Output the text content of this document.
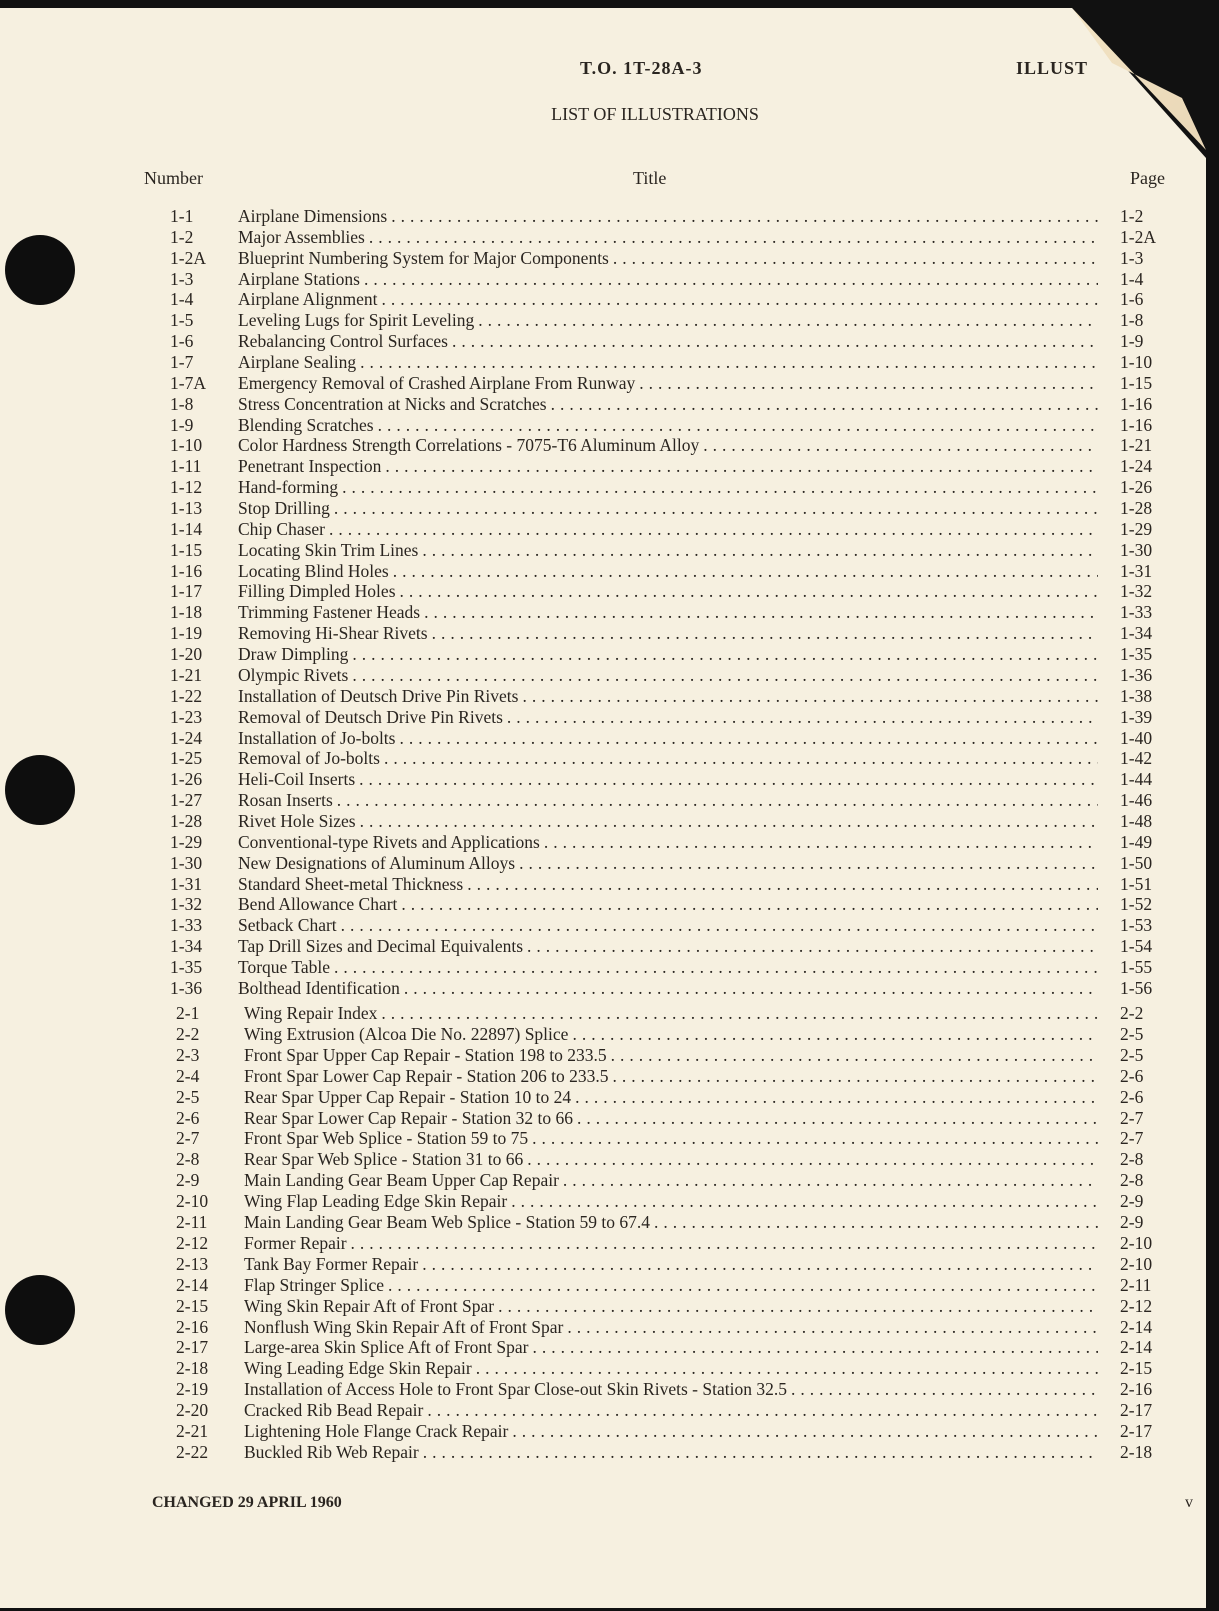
T.O. 1T-28A-3	ILLUST
LIST OF ILLUSTRATIONS
Number	Title	Page
1-1	Airplane Dimensions .....	1-2
1-2	Major Assemblies .....	1-2A
1-2A	Blueprint Numbering System for Major Components .....	1-3
1-3	Airplane Stations .....	1-4
1-4	Airplane Alignment .....	1-6
1-5	Leveling Lugs for Spirit Leveling .....	1-8
1-6	Rebalancing Control Surfaces .....	1-9
1-7	Airplane Sealing .....	1-10
1-7A	Emergency Removal of Crashed Airplane From Runway .....	1-15
1-8	Stress Concentration at Nicks and Scratches .....	1-16
1-9	Blending Scratches .....	1-16
1-10	Color Hardness Strength Correlations - 7075-T6 Aluminum Alloy .....	1-21
1-11	Penetrant Inspection .....	1-24
1-12	Hand-forming .....	1-26
1-13	Stop Drilling .....	1-28
1-14	Chip Chaser .....	1-29
1-15	Locating Skin Trim Lines .....	1-30
1-16	Locating Blind Holes .....	1-31
1-17	Filling Dimpled Holes .....	1-32
1-18	Trimming Fastener Heads .....	1-33
1-19	Removing Hi-Shear Rivets .....	1-34
1-20	Draw Dimpling .....	1-35
1-21	Olympic Rivets .....	1-36
1-22	Installation of Deutsch Drive Pin Rivets .....	1-38
1-23	Removal of Deutsch Drive Pin Rivets .....	1-39
1-24	Installation of Jo-bolts .....	1-40
1-25	Removal of Jo-bolts .....	1-42
1-26	Heli-Coil Inserts .....	1-44
1-27	Rosan Inserts .....	1-46
1-28	Rivet Hole Sizes .....	1-48
1-29	Conventional-type Rivets and Applications .....	1-49
1-30	New Designations of Aluminum Alloys .....	1-50
1-31	Standard Sheet-metal Thickness .....	1-51
1-32	Bend Allowance Chart .....	1-52
1-33	Setback Chart .....	1-53
1-34	Tap Drill Sizes and Decimal Equivalents .....	1-54
1-35	Torque Table .....	1-55
1-36	Bolthead Identification .....	1-56
2-1	Wing Repair Index .....	2-2
2-2	Wing Extrusion (Alcoa Die No. 22897) Splice .....	2-5
2-3	Front Spar Upper Cap Repair - Station 198 to 233.5 .....	2-5
2-4	Front Spar Lower Cap Repair - Station 206 to 233.5 .....	2-6
2-5	Rear Spar Upper Cap Repair - Station 10 to 24 .....	2-6
2-6	Rear Spar Lower Cap Repair - Station 32 to 66 .....	2-7
2-7	Front Spar Web Splice - Station 59 to 75 .....	2-7
2-8	Rear Spar Web Splice - Station 31 to 66 .....	2-8
2-9	Main Landing Gear Beam Upper Cap Repair .....	2-8
2-10	Wing Flap Leading Edge Skin Repair .....	2-9
2-11	Main Landing Gear Beam Web Splice - Station 59 to 67.4 .....	2-9
2-12	Former Repair .....	2-10
2-13	Tank Bay Former Repair .....	2-10
2-14	Flap Stringer Splice .....	2-11
2-15	Wing Skin Repair Aft of Front Spar .....	2-12
2-16	Nonflush Wing Skin Repair Aft of Front Spar .....	2-14
2-17	Large-area Skin Splice Aft of Front Spar .....	2-14
2-18	Wing Leading Edge Skin Repair .....	2-15
2-19	Installation of Access Hole to Front Spar Close-out Skin Rivets - Station 32.5 .....	2-16
2-20	Cracked Rib Bead Repair .....	2-17
2-21	Lightening Hole Flange Crack Repair .....	2-17
2-22	Buckled Rib Web Repair .....	2-18
CHANGED 29 APRIL 1960	v
